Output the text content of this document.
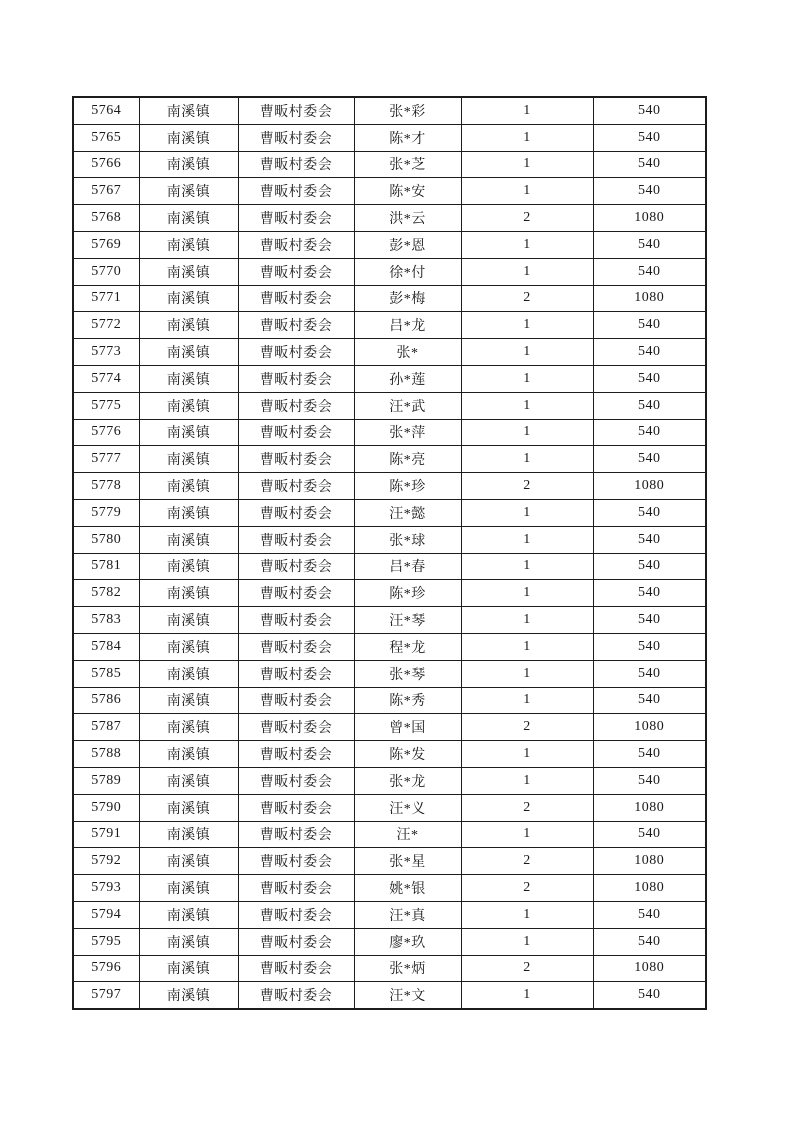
5764	南溪镇	曹畈村委会	张*彩	1	540
5765	南溪镇	曹畈村委会	陈*才	1	540
5766	南溪镇	曹畈村委会	张*芝	1	540
5767	南溪镇	曹畈村委会	陈*安	1	540
5768	南溪镇	曹畈村委会	洪*云	2	1080
5769	南溪镇	曹畈村委会	彭*恩	1	540
5770	南溪镇	曹畈村委会	徐*付	1	540
5771	南溪镇	曹畈村委会	彭*梅	2	1080
5772	南溪镇	曹畈村委会	吕*龙	1	540
5773	南溪镇	曹畈村委会	张*	1	540
5774	南溪镇	曹畈村委会	孙*莲	1	540
5775	南溪镇	曹畈村委会	汪*武	1	540
5776	南溪镇	曹畈村委会	张*萍	1	540
5777	南溪镇	曹畈村委会	陈*亮	1	540
5778	南溪镇	曹畈村委会	陈*珍	2	1080
5779	南溪镇	曹畈村委会	汪*懿	1	540
5780	南溪镇	曹畈村委会	张*球	1	540
5781	南溪镇	曹畈村委会	吕*春	1	540
5782	南溪镇	曹畈村委会	陈*珍	1	540
5783	南溪镇	曹畈村委会	汪*琴	1	540
5784	南溪镇	曹畈村委会	程*龙	1	540
5785	南溪镇	曹畈村委会	张*琴	1	540
5786	南溪镇	曹畈村委会	陈*秀	1	540
5787	南溪镇	曹畈村委会	曾*国	2	1080
5788	南溪镇	曹畈村委会	陈*发	1	540
5789	南溪镇	曹畈村委会	张*龙	1	540
5790	南溪镇	曹畈村委会	汪*义	2	1080
5791	南溪镇	曹畈村委会	汪*	1	540
5792	南溪镇	曹畈村委会	张*星	2	1080
5793	南溪镇	曹畈村委会	姚*银	2	1080
5794	南溪镇	曹畈村委会	汪*真	1	540
5795	南溪镇	曹畈村委会	廖*玖	1	540
5796	南溪镇	曹畈村委会	张*炳	2	1080
5797	南溪镇	曹畈村委会	汪*文	1	540
